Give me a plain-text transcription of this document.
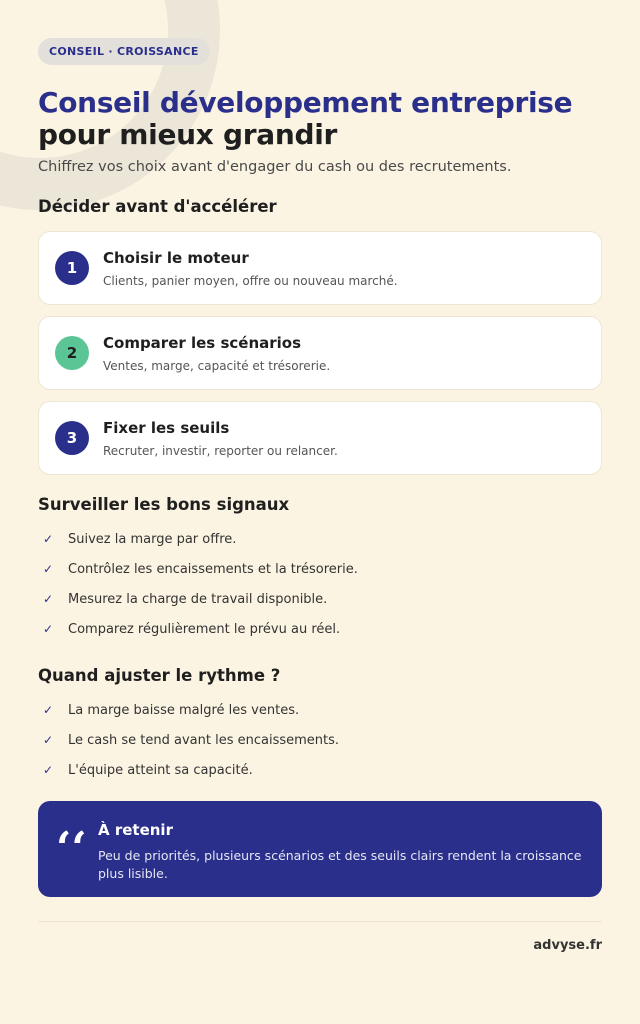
CONSEIL · CROISSANCE
Conseil développement entreprise
pour mieux grandir

Chiffrez vos choix avant d'engager du cash ou des recrutements.

Décider avant d'accélérer
1
Choisir le moteur
Clients, panier moyen, offre ou nouveau marché.
2
Comparer les scénarios
Ventes, marge, capacité et trésorerie.
3
Fixer les seuils
Recruter, investir, reporter ou relancer.
Surveiller les bons signaux
✓	Suivez la marge par offre.
✓	Contrôlez les encaissements et la trésorerie.
✓	Mesurez la charge de travail disponible.
✓	Comparez régulièrement le prévu au réel.
Quand ajuster le rythme ?
✓	La marge baisse malgré les ventes.
✓	Le cash se tend avant les encaissements.
✓	L'équipe atteint sa capacité.
‘‘ À retenir
Peu de priorités, plusieurs scénarios et des seuils clairs rendent la croissance plus lisible.
advyse.fr
